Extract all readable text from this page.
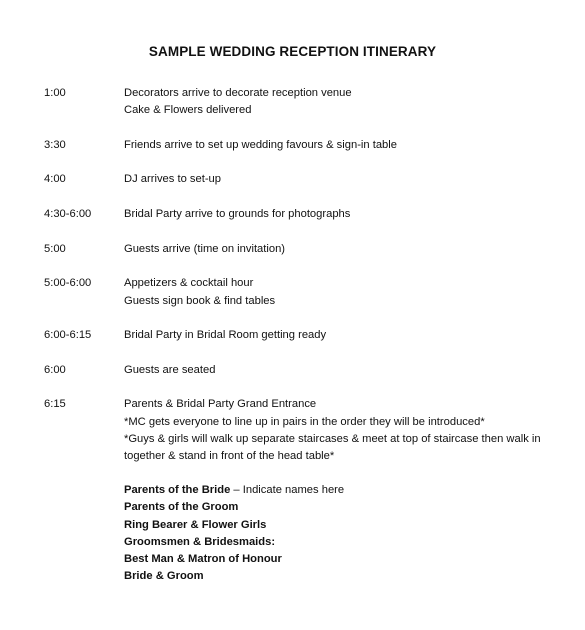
SAMPLE WEDDING RECEPTION ITINERARY
1:00	Decorators arrive to decorate reception venue
Cake & Flowers delivered
3:30	Friends arrive to set up wedding favours & sign-in table
4:00	DJ arrives to set-up
4:30-6:00	Bridal Party arrive to grounds for photographs
5:00	Guests arrive (time on invitation)
5:00-6:00	Appetizers & cocktail hour
Guests sign book & find tables
6:00-6:15	Bridal Party in Bridal Room getting ready
6:00	Guests are seated
6:15	Parents & Bridal Party Grand Entrance
*MC gets everyone to line up in pairs in the order they will be introduced*
*Guys & girls will walk up separate staircases & meet at top of staircase then walk in
together & stand in front of the head table*
Parents of the Bride – Indicate names here
Parents of the Groom
Ring Bearer & Flower Girls
Groomsmen & Bridesmaids:
Best Man & Matron of Honour
Bride & Groom
